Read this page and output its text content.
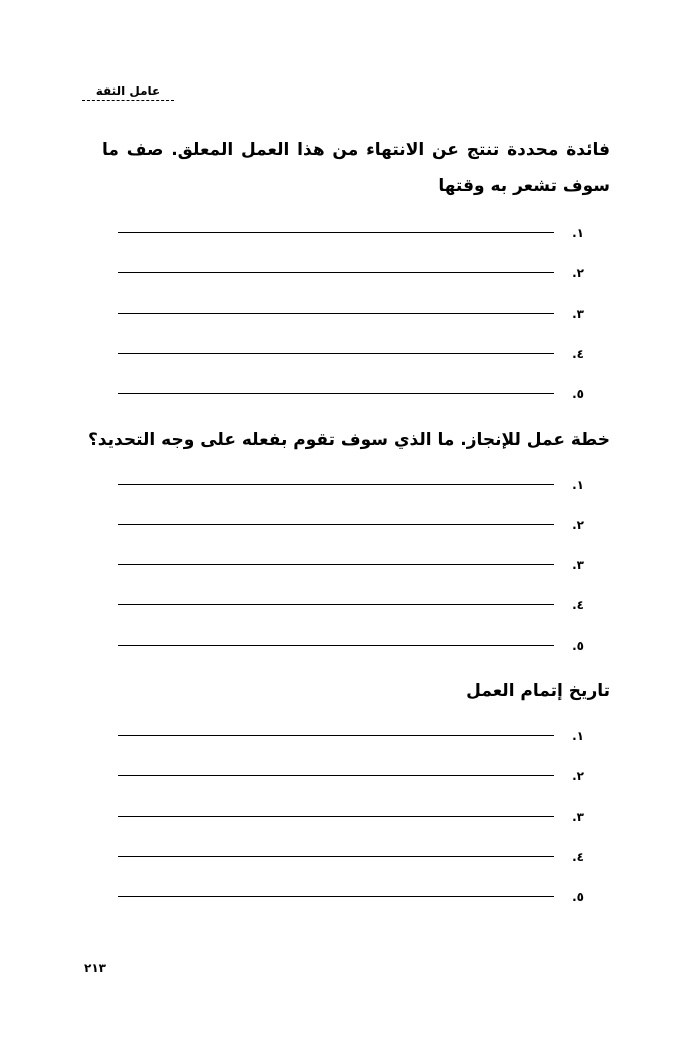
عامل الثقة
فائدة محددة تنتج عن الانتهاء من هذا العمل المعلق. صف ما سوف تشعر به وقتها
١.
٢.
٣.
٤.
٥.
خطة عمل للإنجاز. ما الذي سوف تقوم بفعله على وجه التحديد؟
١.
٢.
٣.
٤.
٥.
تاريخ إتمام العمل
١.
٢.
٣.
٤.
٥.
٢١٣
